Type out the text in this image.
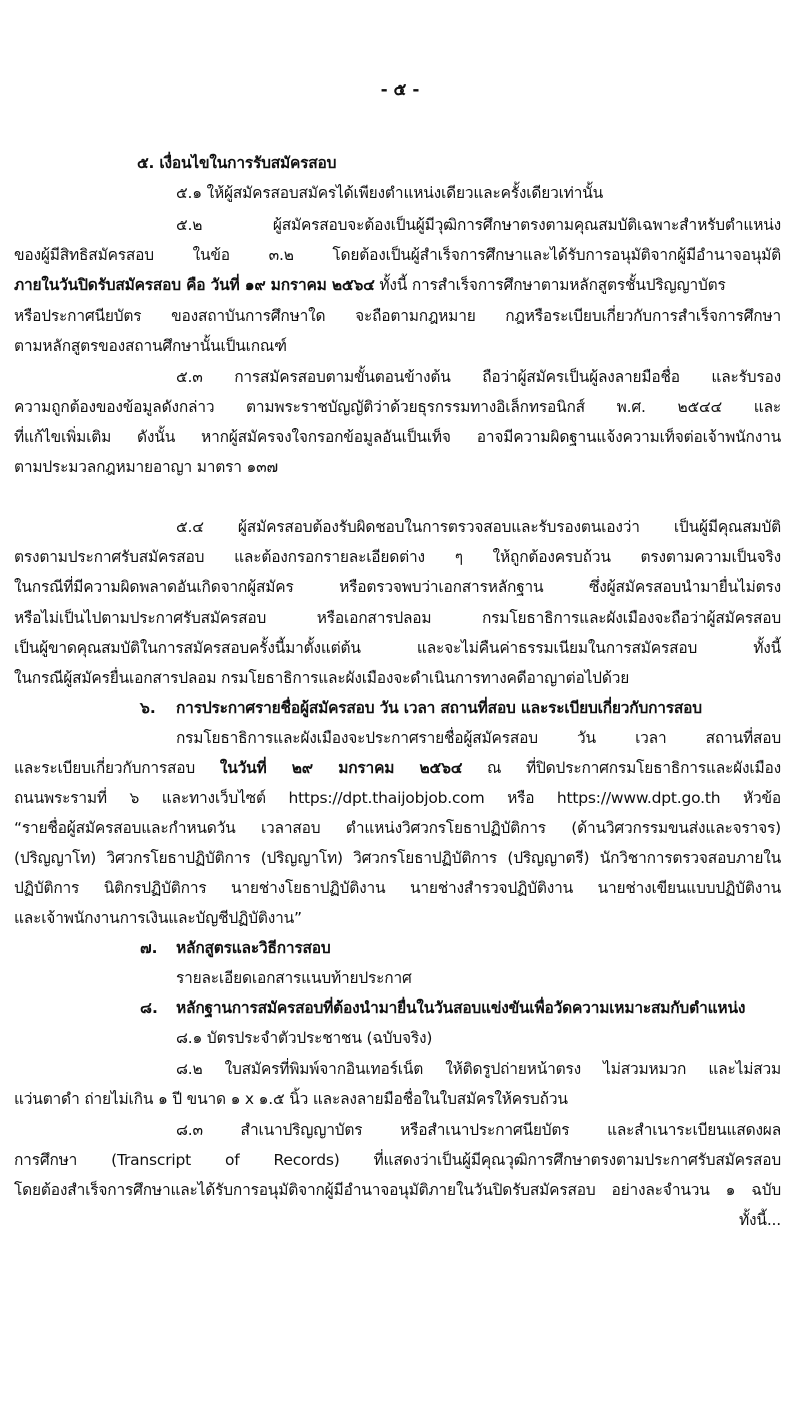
- ๕ -
๕. เงื่อนไขในการรับสมัครสอบ
๕.๑ ให้ผู้สมัครสอบสมัครได้เพียงตำแหน่งเดียวและครั้งเดียวเท่านั้น
๕.๒ ผู้สมัครสอบจะต้องเป็นผู้มีวุฒิการศึกษาตรงตามคุณสมบัติเฉพาะสำหรับตำแหน่ง
ของผู้มีสิทธิสมัครสอบ ในข้อ ๓.๒ โดยต้องเป็นผู้สำเร็จการศึกษาและได้รับการอนุมัติจากผู้มีอำนาจอนุมัติ
ภายในวันปิดรับสมัครสอบ คือ วันที่ ๑๙ มกราคม ๒๕๖๔ ทั้งนี้ การสำเร็จการศึกษาตามหลักสูตรชั้นปริญญาบัตร
หรือประกาศนียบัตร ของสถาบันการศึกษาใด จะถือตามกฎหมาย กฎหรือระเบียบเกี่ยวกับการสำเร็จการศึกษา
ตามหลักสูตรของสถานศึกษานั้นเป็นเกณฑ์
๕.๓ การสมัครสอบตามขั้นตอนข้างต้น ถือว่าผู้สมัครเป็นผู้ลงลายมือชื่อ และรับรอง
ความถูกต้องของข้อมูลดังกล่าว ตามพระราชบัญญัติว่าด้วยธุรกรรมทางอิเล็กทรอนิกส์ พ.ศ. ๒๕๔๔ และ
ที่แก้ไขเพิ่มเติม ดังนั้น หากผู้สมัครจงใจกรอกข้อมูลอันเป็นเท็จ อาจมีความผิดฐานแจ้งความเท็จต่อเจ้าพนักงาน
ตามประมวลกฎหมายอาญา มาตรา ๑๓๗
๕.๔ ผู้สมัครสอบต้องรับผิดชอบในการตรวจสอบและรับรองตนเองว่า เป็นผู้มีคุณสมบัติ
ตรงตามประกาศรับสมัครสอบ และต้องกรอกรายละเอียดต่าง ๆ ให้ถูกต้องครบถ้วน ตรงตามความเป็นจริง
ในกรณีที่มีความผิดพลาดอันเกิดจากผู้สมัคร หรือตรวจพบว่าเอกสารหลักฐาน ซึ่งผู้สมัครสอบนำมายื่นไม่ตรง
หรือไม่เป็นไปตามประกาศรับสมัครสอบ หรือเอกสารปลอม กรมโยธาธิการและผังเมืองจะถือว่าผู้สมัครสอบ
เป็นผู้ขาดคุณสมบัติในการสมัครสอบครั้งนี้มาตั้งแต่ต้น และจะไม่คืนค่าธรรมเนียมในการสมัครสอบ ทั้งนี้
ในกรณีผู้สมัครยื่นเอกสารปลอม กรมโยธาธิการและผังเมืองจะดำเนินการทางคดีอาญาต่อไปด้วย
๖. การประกาศรายชื่อผู้สมัครสอบ วัน เวลา สถานที่สอบ และระเบียบเกี่ยวกับการสอบ
กรมโยธาธิการและผังเมืองจะประกาศรายชื่อผู้สมัครสอบ วัน เวลา สถานที่สอบ
และระเบียบเกี่ยวกับการสอบ ในวันที่ ๒๙ มกราคม ๒๕๖๔ ณ ที่ปิดประกาศกรมโยธาธิการและผังเมือง
ถนนพระรามที่ ๖ และทางเว็บไซต์ https://dpt.thaijobjob.com หรือ https://www.dpt.go.th หัวข้อ
“รายชื่อผู้สมัครสอบและกำหนดวัน เวลาสอบ ตำแหน่งวิศวกรโยธาปฏิบัติการ (ด้านวิศวกรรมขนส่งและจราจร)
(ปริญญาโท) วิศวกรโยธาปฏิบัติการ (ปริญญาโท) วิศวกรโยธาปฏิบัติการ (ปริญญาตรี) นักวิชาการตรวจสอบภายใน
ปฏิบัติการ นิติกรปฏิบัติการ นายช่างโยธาปฏิบัติงาน นายช่างสำรวจปฏิบัติงาน นายช่างเขียนแบบปฏิบัติงาน
และเจ้าพนักงานการเงินและบัญชีปฏิบัติงาน”
๗. หลักสูตรและวิธีการสอบ
รายละเอียดเอกสารแนบท้ายประกาศ
๘. หลักฐานการสมัครสอบที่ต้องนำมายื่นในวันสอบแข่งขันเพื่อวัดความเหมาะสมกับตำแหน่ง
๘.๑ บัตรประจำตัวประชาชน (ฉบับจริง)
๘.๒ ใบสมัครที่พิมพ์จากอินเทอร์เน็ต ให้ติดรูปถ่ายหน้าตรง ไม่สวมหมวก และไม่สวม
แว่นตาดำ ถ่ายไม่เกิน ๑ ปี ขนาด ๑ x ๑.๕ นิ้ว และลงลายมือชื่อในใบสมัครให้ครบถ้วน
๘.๓ สำเนาปริญญาบัตร หรือสำเนาประกาศนียบัตร และสำเนาระเบียนแสดงผล
การศึกษา (Transcript of Records) ที่แสดงว่าเป็นผู้มีคุณวุฒิการศึกษาตรงตามประกาศรับสมัครสอบ
โดยต้องสำเร็จการศึกษาและได้รับการอนุมัติจากผู้มีอำนาจอนุมัติภายในวันปิดรับสมัครสอบ อย่างละจำนวน ๑ ฉบับ
ทั้งนี้...
